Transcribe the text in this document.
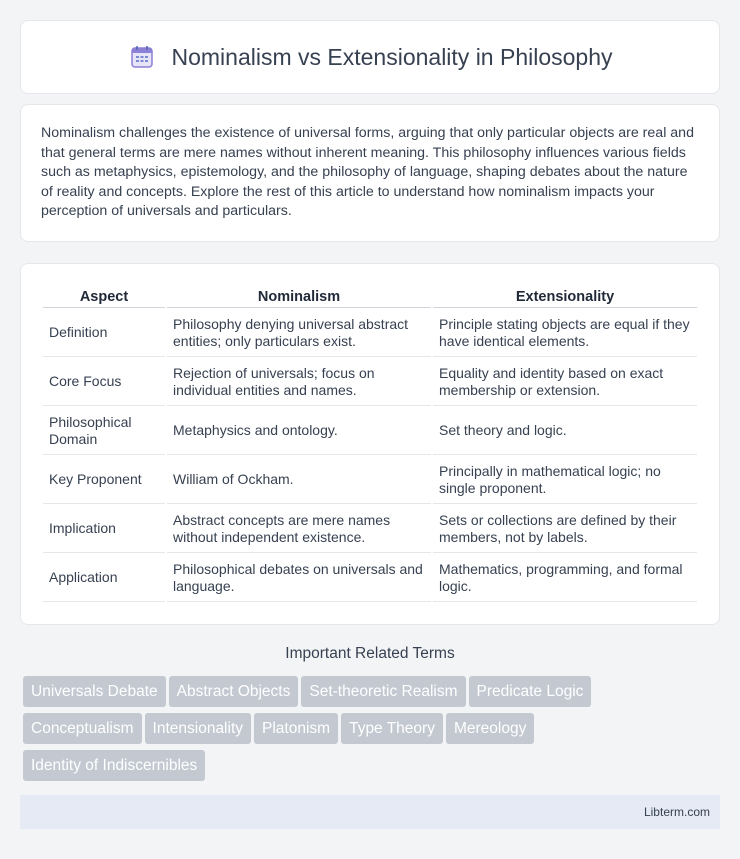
Nominalism vs Extensionality in Philosophy

Nominalism challenges the existence of universal forms, arguing that only particular objects are real and that general terms are mere names without inherent meaning. This philosophy influences various fields such as metaphysics, epistemology, and the philosophy of language, shaping debates about the nature of reality and concepts. Explore the rest of this article to understand how nominalism impacts your perception of universals and particulars.

Aspect	Nominalism	Extensionality
Definition	Philosophy denying universal abstract entities; only particulars exist.	Principle stating objects are equal if they have identical elements.
Core Focus	Rejection of universals; focus on individual entities and names.	Equality and identity based on exact membership or extension.
Philosophical Domain	Metaphysics and ontology.	Set theory and logic.
Key Proponent	William of Ockham.	Principally in mathematical logic; no single proponent.
Implication	Abstract concepts are mere names without independent existence.	Sets or collections are defined by their members, not by labels.
Application	Philosophical debates on universals and language.	Mathematics, programming, and formal logic.
Important Related Terms
Universals Debate Abstract Objects Set-theoretic Realism Predicate Logic
Conceptualism Intensionality Platonism Type Theory Mereology
Identity of Indiscernibles
Libterm.com
